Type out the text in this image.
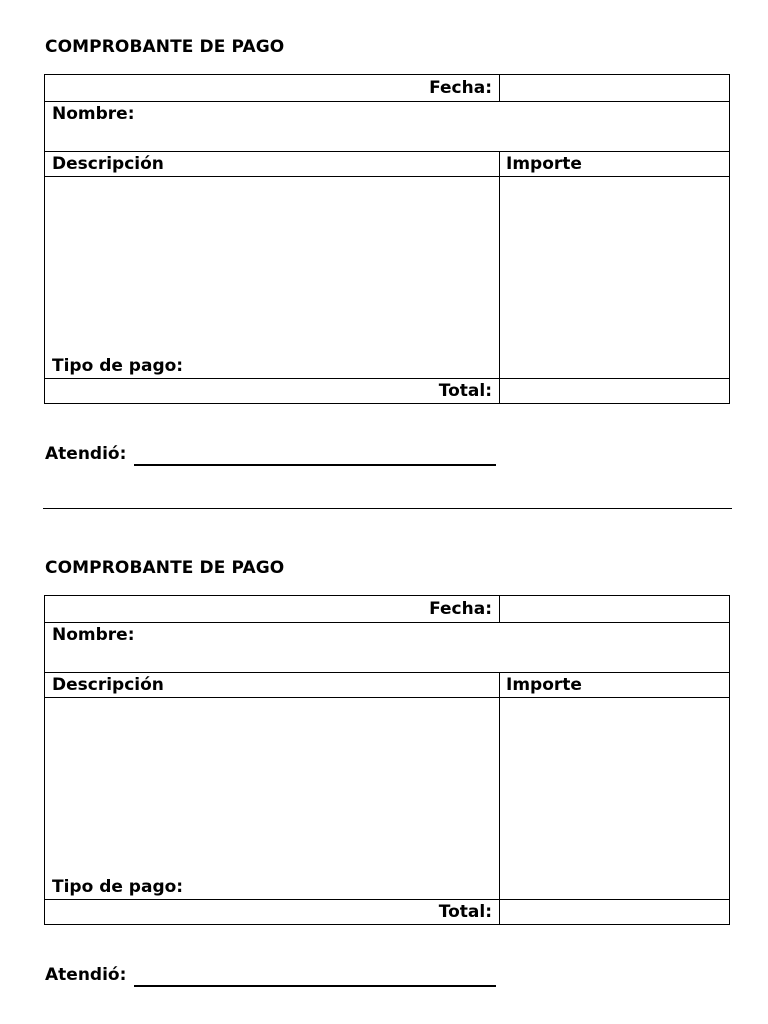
COMPROBANTE DE PAGO
Fecha:
Nombre:
Descripción	Importe
Tipo de pago:
Total:
Atendió:
COMPROBANTE DE PAGO
Fecha:
Nombre:
Descripción	Importe
Tipo de pago:
Total:
Atendió:
